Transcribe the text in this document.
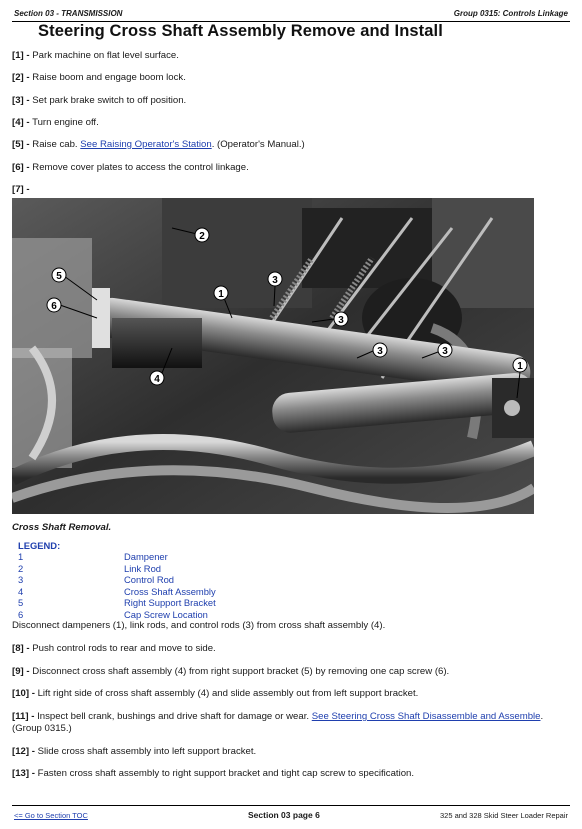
Section 03 - TRANSMISSION	Group 0315: Controls Linkage
Steering Cross Shaft Assembly Remove and Install
[1] - Park machine on flat level surface.
[2] - Raise boom and engage boom lock.
[3] - Set park brake switch to off position.
[4] - Turn engine off.
[5] - Raise cab. See Raising Operator's Station. (Operator's Manual.)
[6] - Remove cover plates to access the control linkage.
[7] -
2
5
6
1
3
3
3	3
4
1
Cross Shaft Removal.
LEGEND:
1	Dampener
2	Link Rod
3	Control Rod
4	Cross Shaft Assembly
5	Right Support Bracket
6	Cap Screw Location
Disconnect dampeners (1), link rods, and control rods (3) from cross shaft assembly (4).
[8] - Push control rods to rear and move to side.
[9] - Disconnect cross shaft assembly (4) from right support bracket (5) by removing one cap screw (6).
[10] - Lift right side of cross shaft assembly (4) and slide assembly out from left support bracket.
[11] - Inspect bell crank, bushings and drive shaft for damage or wear. See Steering Cross Shaft Disassemble and Assemble.
(Group 0315.)
[12] - Slide cross shaft assembly into left support bracket.
[13] - Fasten cross shaft assembly to right support bracket and tight cap screw to specification.
<= Go to Section TOC	Section 03 page 6	325 and 328 Skid Steer Loader Repair
